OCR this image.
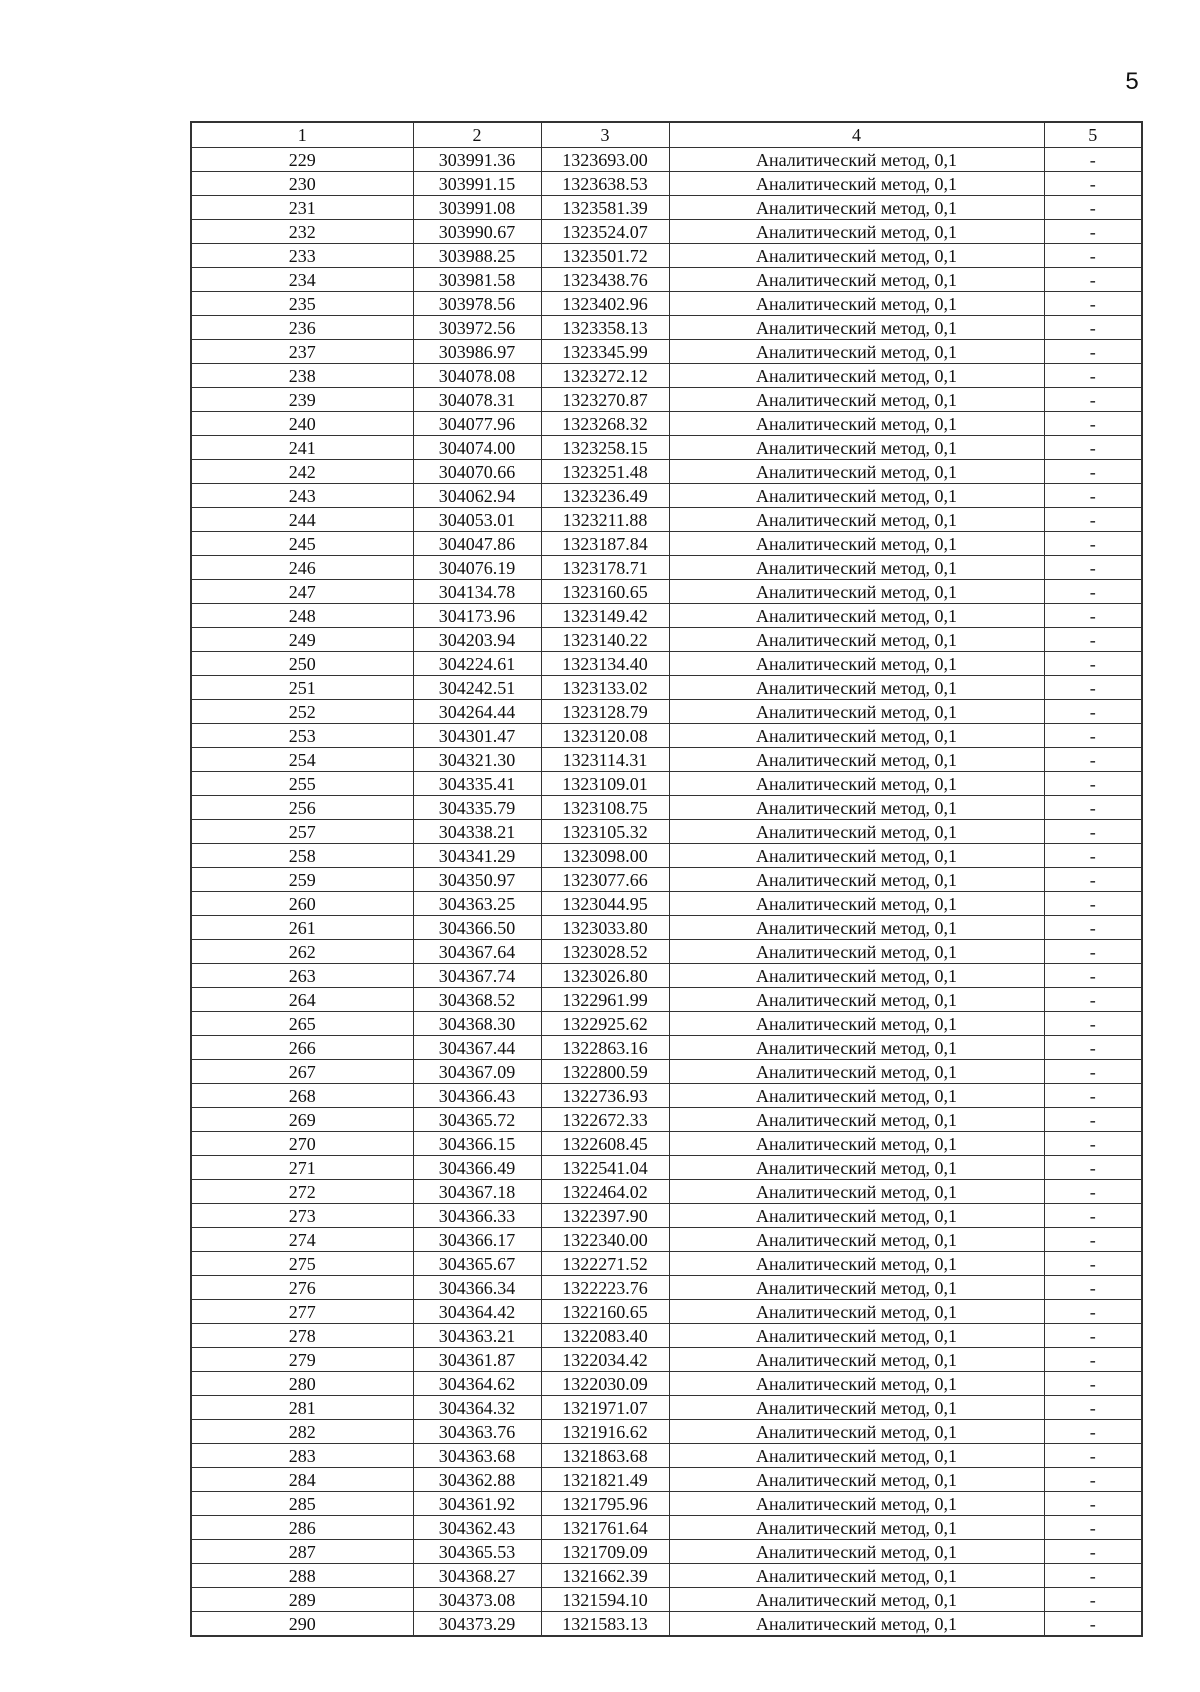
5
1	2	3	4	5
229	303991.36	1323693.00	Аналитический метод, 0,1	-
230	303991.15	1323638.53	Аналитический метод, 0,1	-
231	303991.08	1323581.39	Аналитический метод, 0,1	-
232	303990.67	1323524.07	Аналитический метод, 0,1	-
233	303988.25	1323501.72	Аналитический метод, 0,1	-
234	303981.58	1323438.76	Аналитический метод, 0,1	-
235	303978.56	1323402.96	Аналитический метод, 0,1	-
236	303972.56	1323358.13	Аналитический метод, 0,1	-
237	303986.97	1323345.99	Аналитический метод, 0,1	-
238	304078.08	1323272.12	Аналитический метод, 0,1	-
239	304078.31	1323270.87	Аналитический метод, 0,1	-
240	304077.96	1323268.32	Аналитический метод, 0,1	-
241	304074.00	1323258.15	Аналитический метод, 0,1	-
242	304070.66	1323251.48	Аналитический метод, 0,1	-
243	304062.94	1323236.49	Аналитический метод, 0,1	-
244	304053.01	1323211.88	Аналитический метод, 0,1	-
245	304047.86	1323187.84	Аналитический метод, 0,1	-
246	304076.19	1323178.71	Аналитический метод, 0,1	-
247	304134.78	1323160.65	Аналитический метод, 0,1	-
248	304173.96	1323149.42	Аналитический метод, 0,1	-
249	304203.94	1323140.22	Аналитический метод, 0,1	-
250	304224.61	1323134.40	Аналитический метод, 0,1	-
251	304242.51	1323133.02	Аналитический метод, 0,1	-
252	304264.44	1323128.79	Аналитический метод, 0,1	-
253	304301.47	1323120.08	Аналитический метод, 0,1	-
254	304321.30	1323114.31	Аналитический метод, 0,1	-
255	304335.41	1323109.01	Аналитический метод, 0,1	-
256	304335.79	1323108.75	Аналитический метод, 0,1	-
257	304338.21	1323105.32	Аналитический метод, 0,1	-
258	304341.29	1323098.00	Аналитический метод, 0,1	-
259	304350.97	1323077.66	Аналитический метод, 0,1	-
260	304363.25	1323044.95	Аналитический метод, 0,1	-
261	304366.50	1323033.80	Аналитический метод, 0,1	-
262	304367.64	1323028.52	Аналитический метод, 0,1	-
263	304367.74	1323026.80	Аналитический метод, 0,1	-
264	304368.52	1322961.99	Аналитический метод, 0,1	-
265	304368.30	1322925.62	Аналитический метод, 0,1	-
266	304367.44	1322863.16	Аналитический метод, 0,1	-
267	304367.09	1322800.59	Аналитический метод, 0,1	-
268	304366.43	1322736.93	Аналитический метод, 0,1	-
269	304365.72	1322672.33	Аналитический метод, 0,1	-
270	304366.15	1322608.45	Аналитический метод, 0,1	-
271	304366.49	1322541.04	Аналитический метод, 0,1	-
272	304367.18	1322464.02	Аналитический метод, 0,1	-
273	304366.33	1322397.90	Аналитический метод, 0,1	-
274	304366.17	1322340.00	Аналитический метод, 0,1	-
275	304365.67	1322271.52	Аналитический метод, 0,1	-
276	304366.34	1322223.76	Аналитический метод, 0,1	-
277	304364.42	1322160.65	Аналитический метод, 0,1	-
278	304363.21	1322083.40	Аналитический метод, 0,1	-
279	304361.87	1322034.42	Аналитический метод, 0,1	-
280	304364.62	1322030.09	Аналитический метод, 0,1	-
281	304364.32	1321971.07	Аналитический метод, 0,1	-
282	304363.76	1321916.62	Аналитический метод, 0,1	-
283	304363.68	1321863.68	Аналитический метод, 0,1	-
284	304362.88	1321821.49	Аналитический метод, 0,1	-
285	304361.92	1321795.96	Аналитический метод, 0,1	-
286	304362.43	1321761.64	Аналитический метод, 0,1	-
287	304365.53	1321709.09	Аналитический метод, 0,1	-
288	304368.27	1321662.39	Аналитический метод, 0,1	-
289	304373.08	1321594.10	Аналитический метод, 0,1	-
290	304373.29	1321583.13	Аналитический метод, 0,1	-
